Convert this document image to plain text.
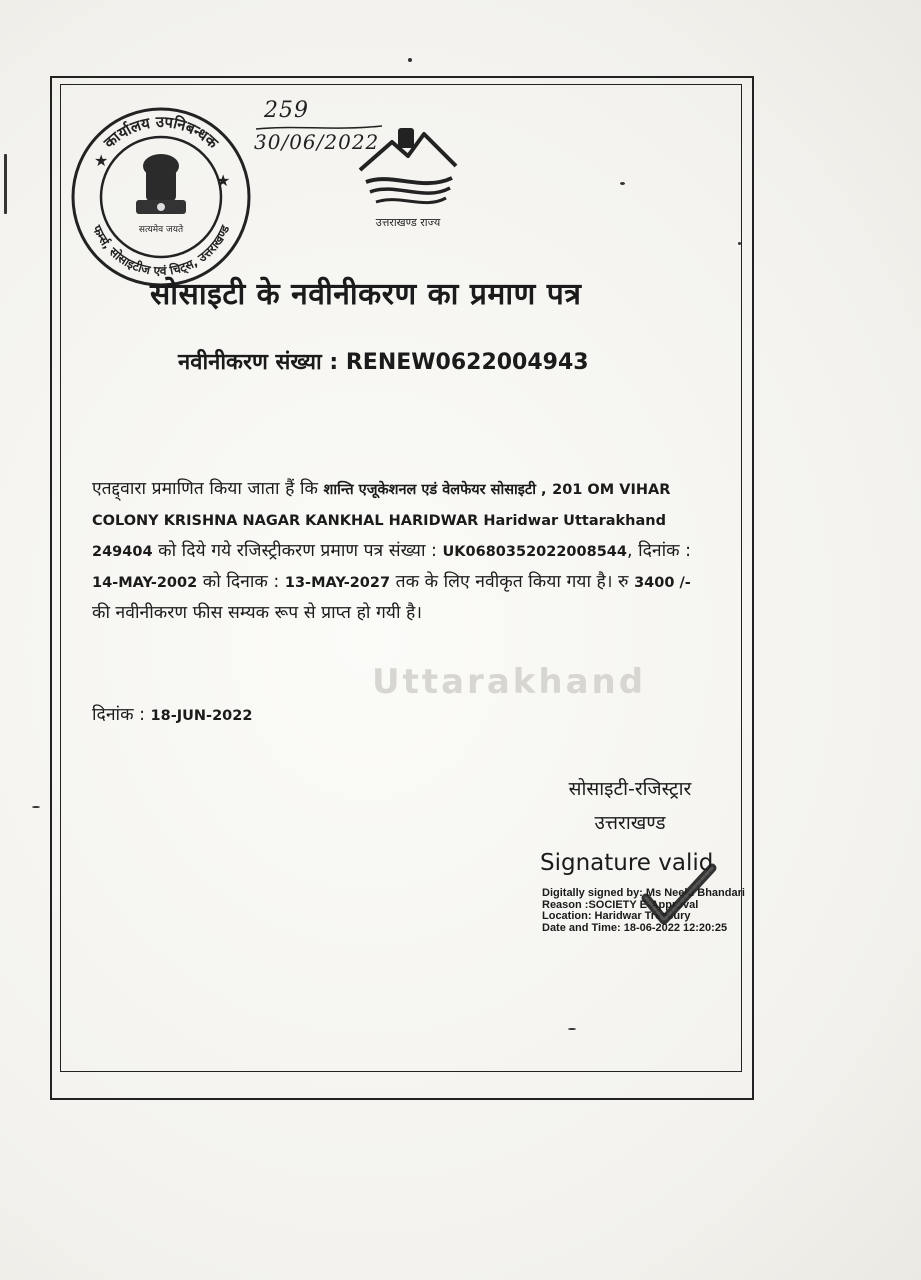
Uttarakhand
कार्यालय उपनिबन्धक
फर्म्स, सोसाइटीज एवं चिट्स, उत्तराखण्ड
★
★
सत्यमेव जयते
259
30/06/2022
उत्तराखण्ड राज्य
सोसाइटी के नवीनीकरण का प्रमाण पत्र
नवीनीकरण संख्या : RENEW0622004943
एतद्द्वारा प्रमाणित किया जाता हैं कि शान्ति एजूकेशनल एडं वेलफेयर सोसाइटी , 201 OM VIHAR COLONY KRISHNA NAGAR KANKHAL HARIDWAR Haridwar Uttarakhand 249404 को दिये गये रजिस्ट्रीकरण प्रमाण पत्र संख्या : UK0680352022008544, दिनांक : 14-MAY-2002 को दिनाक : 13-MAY-2027 तक के लिए नवीकृत किया गया है। रु 3400 /- की नवीनीकरण फीस सम्यक रूप से प्राप्त हो गयी है।
दिनांक : 18-JUN-2022
सोसाइटी-रजिस्ट्रार
उत्तराखण्ड
Signature valid
Digitally signed by: Ms Neelu Bhandari
Reason :SOCIETY E-Approval
Location: Haridwar Treasury
Date and Time: 18-06-2022 12:20:25
